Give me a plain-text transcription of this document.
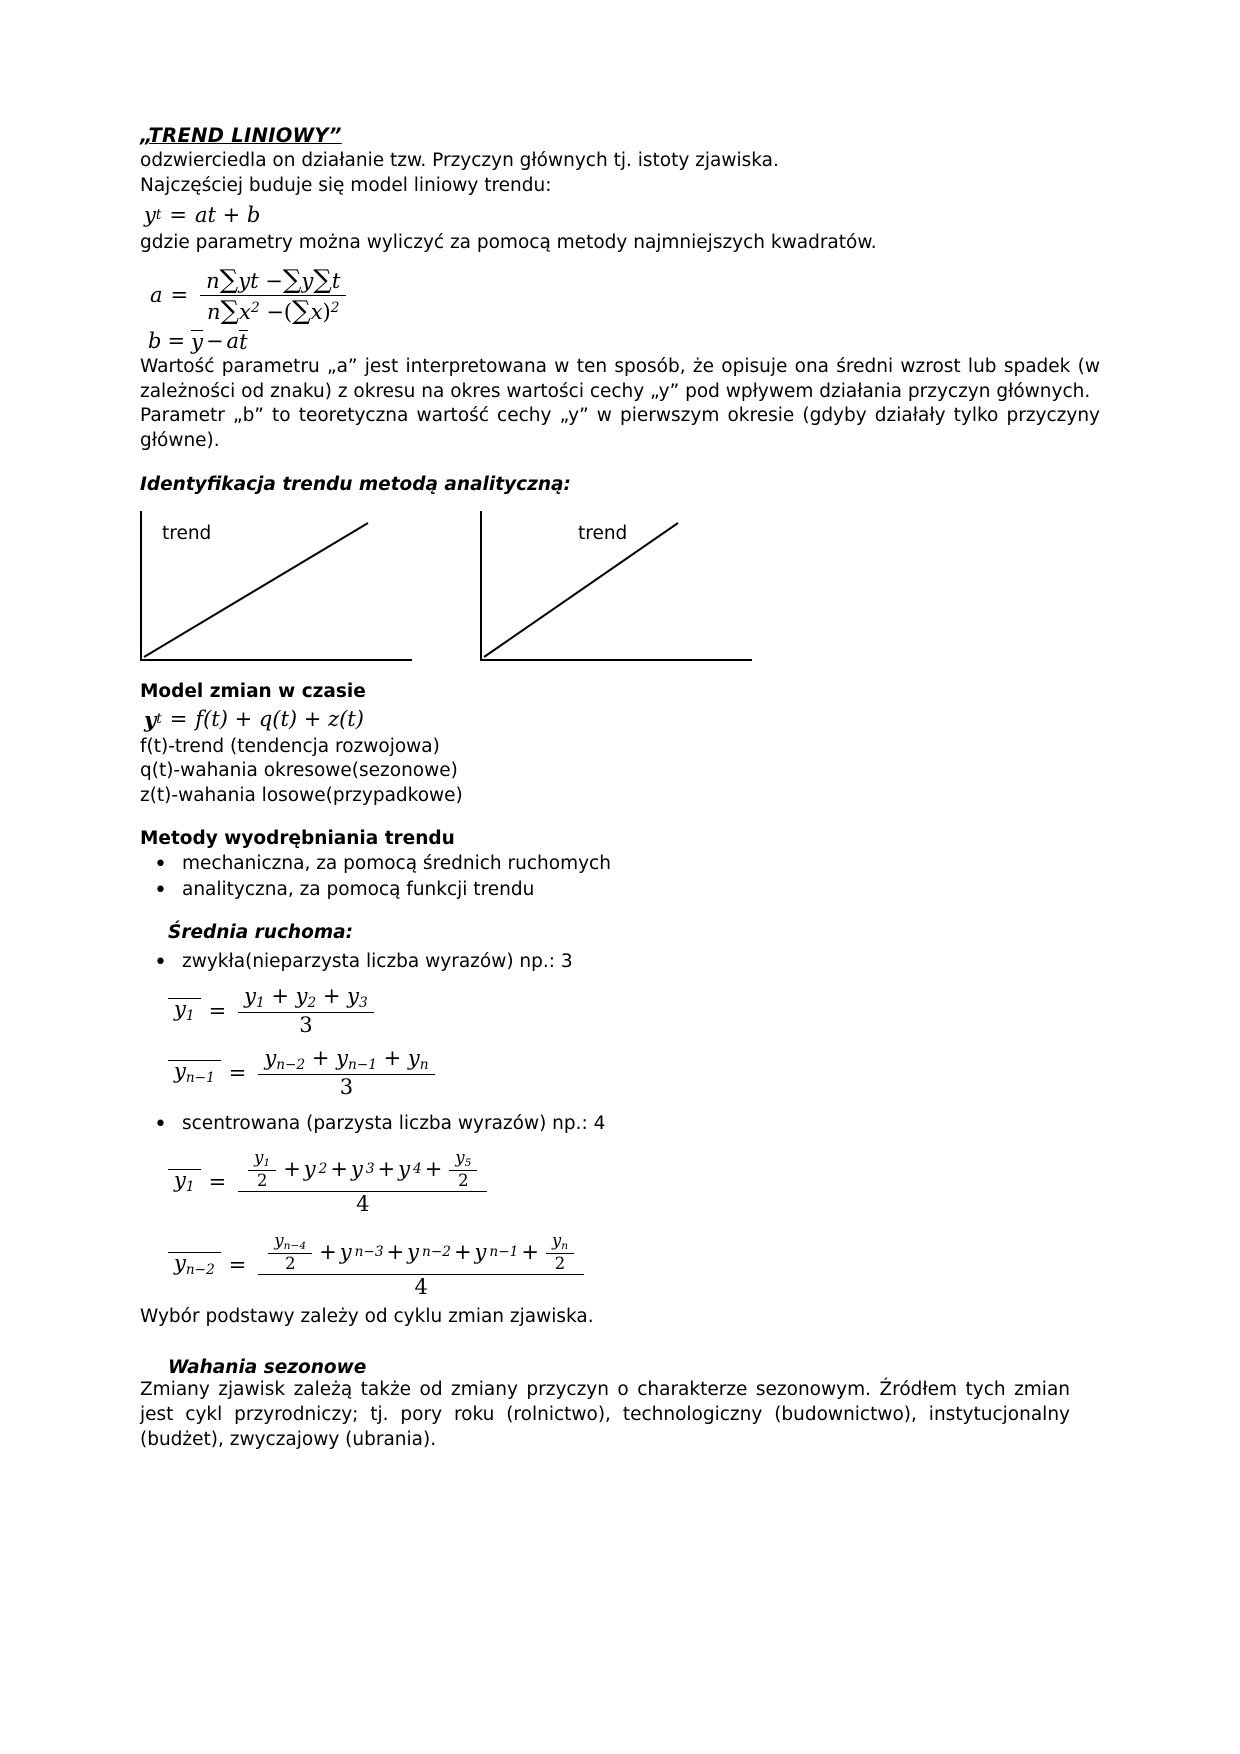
„TREND LINIOWY”

odzwierciedla on działanie tzw. Przyczyn głównych tj. istoty zjawiska.

Najczęściej buduje się model liniowy trendu:

y t = at + b

gdzie parametry można wyliczyć za pomocą metody najmniejszych kwadratów.

$a = \frac{n\sum yt -\sum y\sum t}{n\sum x^2 -(\sum x)^2}$
b = y − a t

Wartość parametru „a” jest interpretowana w ten sposób, że opisuje ona średni wzrost lub spadek (w zależności od znaku) z okresu na okres wartości cechy „y” pod wpływem działania przyczyn głównych.

Parametr „b” to teoretyczna wartość cechy „y” w pierwszym okresie (gdyby działały tylko przyczyny główne).

Identyfikacja trendu metodą analityczną:
trend	trend
Model zmian w czasie
y t = f(t) + q(t) + z(t)

f(t)-trend (tendencja rozwojowa)

q(t)-wahania okresowe(sezonowe)

z(t)-wahania losowe(przypadkowe)

Metody wyodrębniania trendu
• mechaniczna, za pomocą średnich ruchomych
• analityczna, za pomocą funkcji trendu
Średnia ruchoma:
• zwykła(nieparzysta liczba wyrazów) np.: 3
$y_1 = \frac{y_1 + y_2 + y_3}{3}$
$y_{n-1} = \frac{y_{n-2} + y_{n-1} + y_n}{3}$
• scentrowana (parzysta liczba wyrazów) np.: 4
$y_1 = \frac{y_1}{2} + y$ 2 + y 3 + y $4 + \frac{y_5}{2}$
4
$y_{n-2} = \frac{y_{n-4}}{2} + y$ n−3 + y n−2 + y $n-1 + \frac{y_n}{2}$
4

Wybór podstawy zależy od cyklu zmian zjawiska.

Wahania sezonowe

Zmiany zjawisk zależą także od zmiany przyczyn o charakterze sezonowym. Źródłem tych zmian jest cykl przyrodniczy; tj. pory roku (rolnictwo), technologiczny (budownictwo), instytucjonalny (budżet), zwyczajowy (ubrania).
